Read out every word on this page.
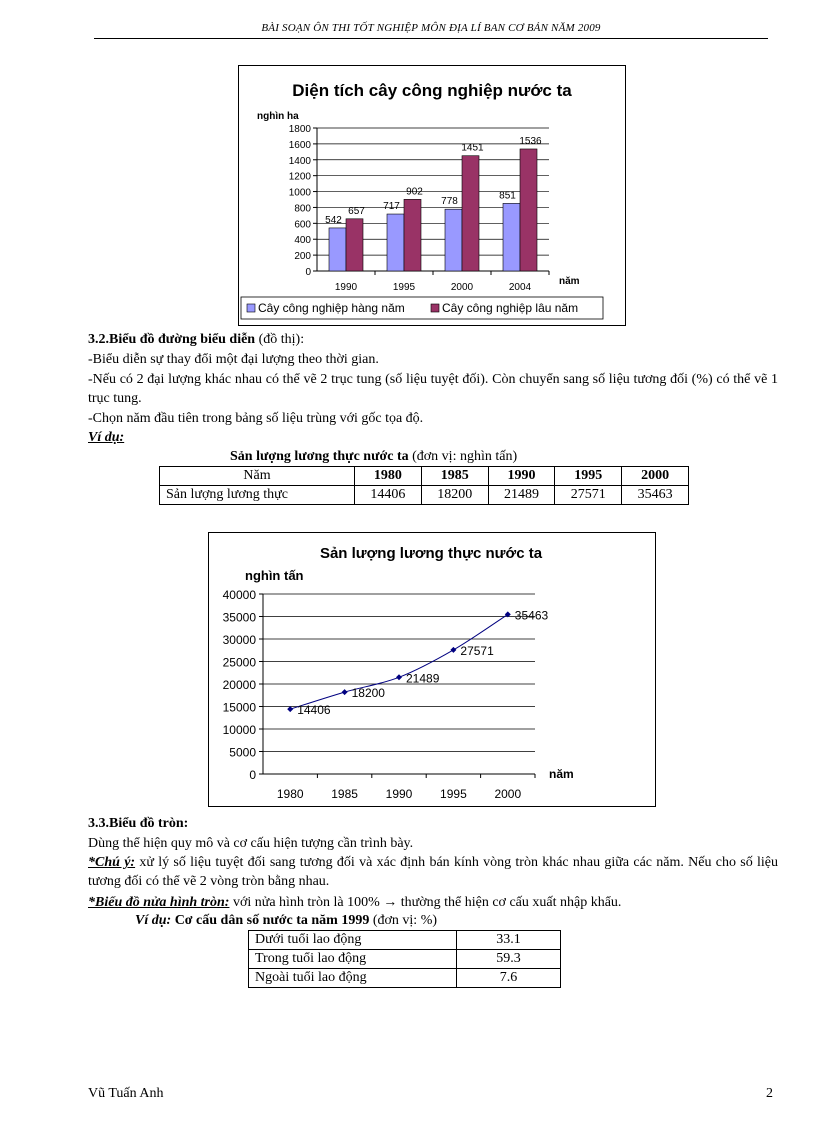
BÀI SOẠN ÔN THI TỐT NGHIỆP MÔN ĐỊA LÍ BAN CƠ BẢN NĂM 2009
Diện tích cây công nghiệp nước ta
nghìn ha
0
200
400
600
800
1000
1200
1400
1600
1800
1990
542
657
1995
717
902
2000
778
1451
2004
851
1536
năm
Cây công nghiệp hàng năm	Cây công nghiệp lâu năm
3.2.Biểu đồ đường biểu diễn (đồ thị):
-Biểu diễn sự thay đổi một đại lượng theo thời gian.
-Nếu có 2 đại lượng khác nhau có thể vẽ 2 trục tung (số liệu tuyệt đối). Còn chuyển sang số liệu tương đối (%) có thể vẽ 1 trục tung.
-Chọn năm đầu tiên trong bảng số liệu trùng với gốc tọa độ.
Ví dụ:
Sản lượng lương thực nước ta (đơn vị: nghìn tấn)
Năm	1980	1985	1990	1995	2000
Sản lượng lương thực	14406	18200	21489	27571	35463
Sản lượng lương thực nước ta
nghìn tấn
0
5000
10000
15000
20000
25000
30000
35000
40000
1980 1985 1990 1995 2000
năm
14406
18200
21489
27571
35463
3.3.Biểu đồ tròn:
Dùng thể hiện quy mô và cơ cấu hiện tượng cần trình bày.
*Chú ý: xử lý số liệu tuyệt đối sang tương đối và xác định bán kính vòng tròn khác nhau giữa các năm. Nếu cho số liệu tương đối có thể vẽ 2 vòng tròn bằng nhau.
*Biểu đồ nửa hình tròn: với nửa hình tròn là 100% → thường thể hiện cơ cấu xuất nhập khẩu.
Ví dụ: Cơ cấu dân số nước ta năm 1999 (đơn vị: %)
Dưới tuổi lao động	33.1
Trong tuổi lao động	59.3
Ngoài tuổi lao động	7.6
Vũ Tuấn Anh	2
